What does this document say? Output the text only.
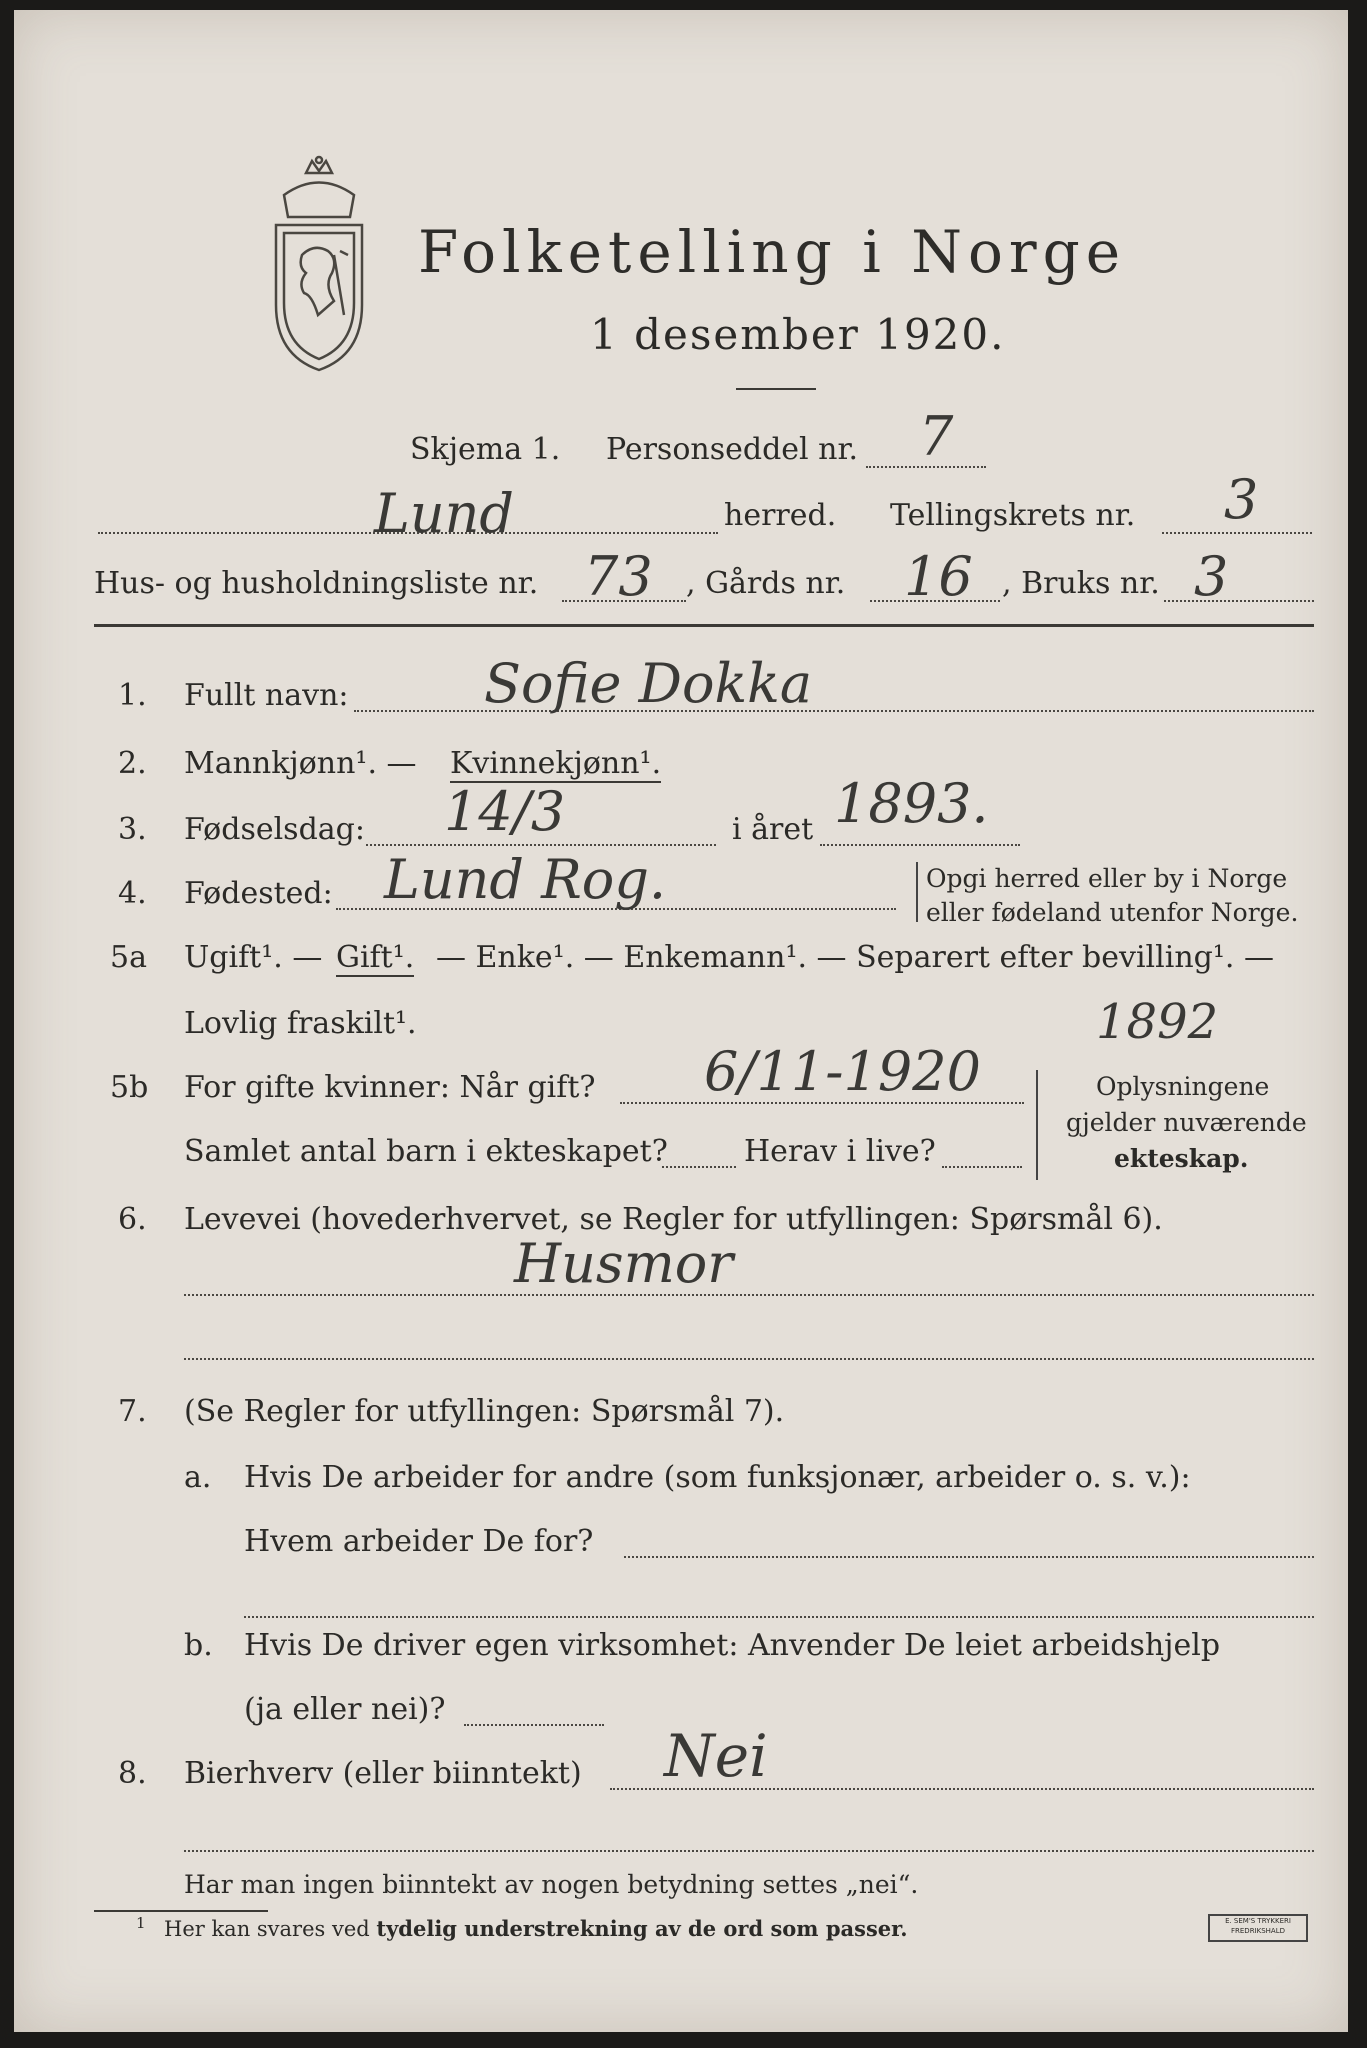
Folketelling i Norge
1 desember 1920.
Skjema 1. Personseddel nr. 7
Lund	herred. Tellingskrets nr. 3
Hus- og husholdningsliste nr. 73 , Gårds nr. 16 , Bruks nr. 3
1. Fullt navn:	Sofie Dokka
2. Mannkjønn¹. — Kvinnekjønn¹.
3. Fødselsdag: 14/3	i året 1893.
4. Fødested: Lund Rog.	Opgi herred eller by i Norge
eller fødeland utenfor Norge.
5a Ugift¹. — Gift¹. — Enke¹. — Enkemann¹. — Separert efter bevilling¹. —
Lovlig fraskilt¹.
5b For gifte kvinner: Når gift? 6/11-1920
1892
Samlet antal barn i ekteskapet?	Herav i live?
Oplysningene
gjelder nuværende
ekteskap.
6. Levevei (hovederhvervet, se Regler for utfyllingen: Spørsmål 6).
Husmor
7. (Se Regler for utfyllingen: Spørsmål 7).
a. Hvis De arbeider for andre (som funksjonær, arbeider o. s. v.):
Hvem arbeider De for?
b. Hvis De driver egen virksomhet: Anvender De leiet arbeidshjelp
(ja eller nei)?
8. Bierhverv (eller biinntekt) Nei
Har man ingen biinntekt av nogen betydning settes „nei“.
1 Her kan svares ved tydelig understrekning av de ord som passer.	E. SEM'S TRYKKERI
FREDRIKSHALD
